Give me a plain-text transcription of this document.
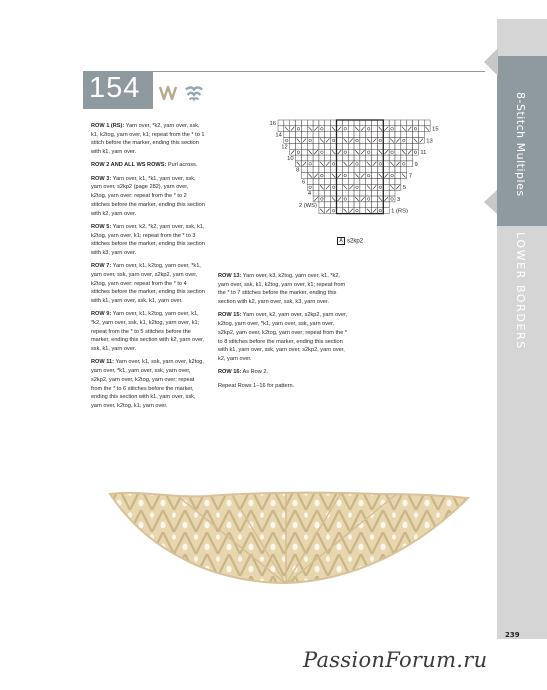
8-Stitch Multiples
LOWER BORDERS
239
154

ROW 1 (RS): Yarn over, *k2, yarn over, ssk, k1, k2tog, yarn over, k1; repeat from the * to 1 stitch before the marker, ending this section with k1, yarn over.

ROW 2 AND ALL WS ROWS: Purl across.

ROW 3: Yarn over, k1, *k1, yarn over, ssk, yarn over, s2kp2 (page 282), yarn over, k2tog, yarn over; repeat from the * to 2 stitches before the marker, ending this section with k2, yarn over.

ROW 5: Yarn over, k2, *k2, yarn over, ssk, k1, k2tog, yarn over, k1; repeat from the * to 3 stitches before the marker, ending this section with k3, yarn over.

ROW 7: Yarn over, k1, k2tog, yarn over, *k1, yarn over, ssk, yarn over, s2kp2, yarn over, k2tog, yarn over; repeat from the * to 4 stitches before the marker, ending this section with k1, yarn over, ssk, k1, yarn over.

ROW 9: Yarn over, k1, k2tog, yarn over, k1, *k2, yarn over, ssk, k1, k2tog, yarn over, k1; repeat from the * to 5 stitches before the marker, ending this section with k2, yarn over, ssk, k1, yarn over.

ROW 11: Yarn over, k1, ssk, yarn over, k2tog, yarn over, *k1, yarn over, ssk, yarn over, s2kp2, yarn over, k2tog, yarn over; repeat from the * to 6 stitches before the marker, ending this section with k1, yarn over, ssk, yarn over, k2tog, k1, yarn over.

ROW 13: Yarn over, k3, k2tog, yarn over, k1, *k2, yarn over, ssk, k1, k2tog, yarn over, k1; repeat from the * to 7 stitches before the marker, ending this section with k2, yarn over, ssk, k3, yarn over.

ROW 15: Yarn over, k2, yarn over, s2kp2, yarn over, k2tog, yarn over, *k1, yarn over, ssk, yarn over, s2kp2, yarn over, k2tog, yarn over; repeat from the * to 8 stitches before the marker, ending this section with k1, yarn over, ssk, yarn over, s2kp2, yarn over, k2, yarn over.

ROW 16: As Row 2.

Repeat Rows 1–16 for pattern.

15
13
11
9
7
5
3
1 (RS)
16
14
12
10
8
6
4
2 (WS)
A s2kp2
PassionForum.ru
